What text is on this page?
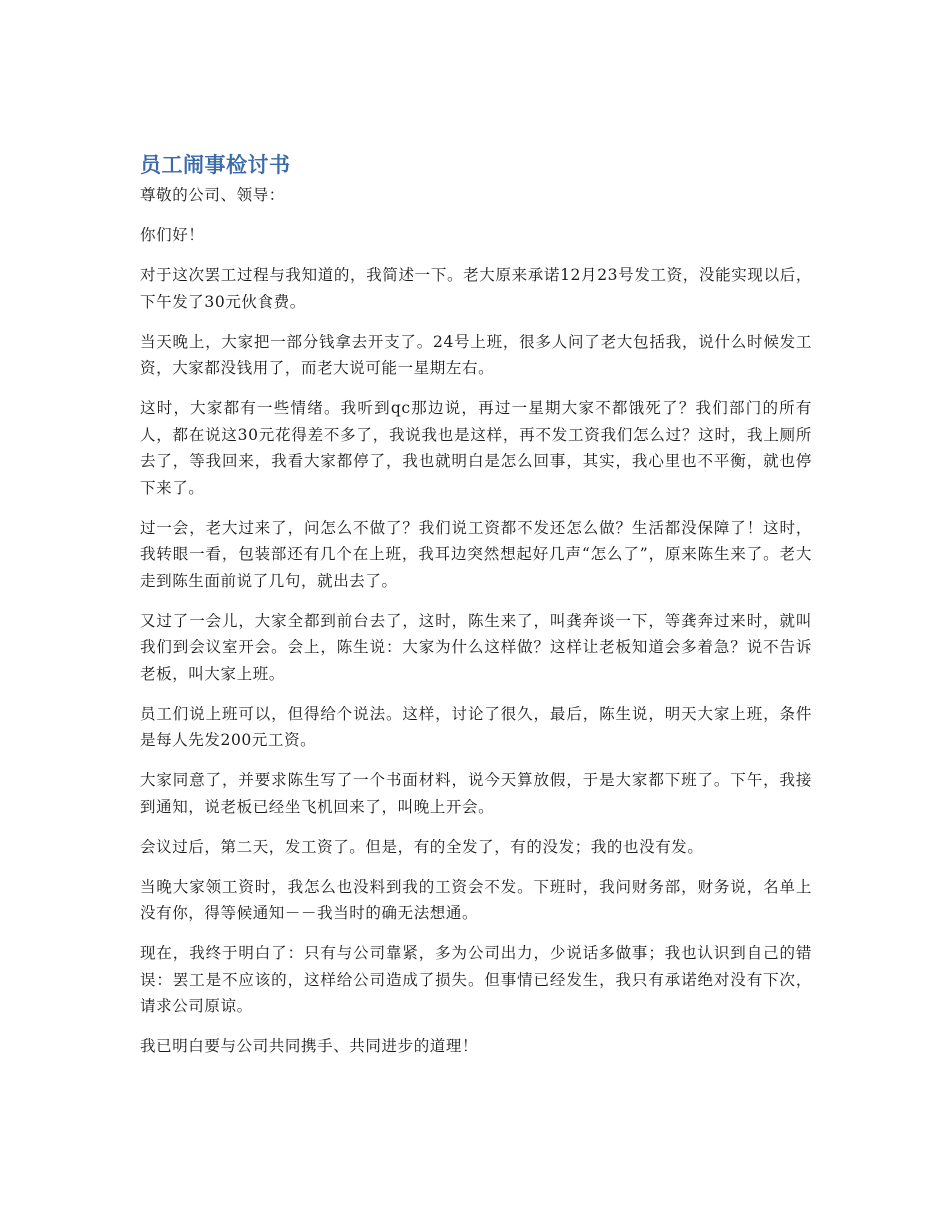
员工闹事检讨书

尊敬的公司、领导：

你们好！

对于这次罢工过程与我知道的，我简述一下。老大原来承诺12月23号发工资，没能实现以后，下午发了30元伙食费。

当天晚上，大家把一部分钱拿去开支了。24号上班，很多人问了老大包括我，说什么时候发工资，大家都没钱用了，而老大说可能一星期左右。

这时，大家都有一些情绪。我听到qc那边说，再过一星期大家不都饿死了？我们部门的所有人，都在说这30元花得差不多了，我说我也是这样，再不发工资我们怎么过？这时，我上厕所去了，等我回来，我看大家都停了，我也就明白是怎么回事，其实，我心里也不平衡，就也停下来了。

过一会，老大过来了，问怎么不做了？我们说工资都不发还怎么做？生活都没保障了！这时，我转眼一看，包装部还有几个在上班，我耳边突然想起好几声“怎么了”，原来陈生来了。老大走到陈生面前说了几句，就出去了。

又过了一会儿，大家全都到前台去了，这时，陈生来了，叫龚奔谈一下，等龚奔过来时，就叫我们到会议室开会。会上，陈生说：大家为什么这样做？这样让老板知道会多着急？说不告诉老板，叫大家上班。

员工们说上班可以，但得给个说法。这样，讨论了很久，最后，陈生说，明天大家上班，条件是每人先发200元工资。

大家同意了，并要求陈生写了一个书面材料，说今天算放假，于是大家都下班了。下午，我接到通知，说老板已经坐飞机回来了，叫晚上开会。

会议过后，第二天，发工资了。但是，有的全发了，有的没发；我的也没有发。

当晚大家领工资时，我怎么也没料到我的工资会不发。下班时，我问财务部，财务说，名单上没有你，得等候通知－－我当时的确无法想通。

现在，我终于明白了：只有与公司靠紧，多为公司出力，少说话多做事；我也认识到自己的错误：罢工是不应该的，这样给公司造成了损失。但事情已经发生，我只有承诺绝对没有下次，请求公司原谅。

我已明白要与公司共同携手、共同进步的道理！
